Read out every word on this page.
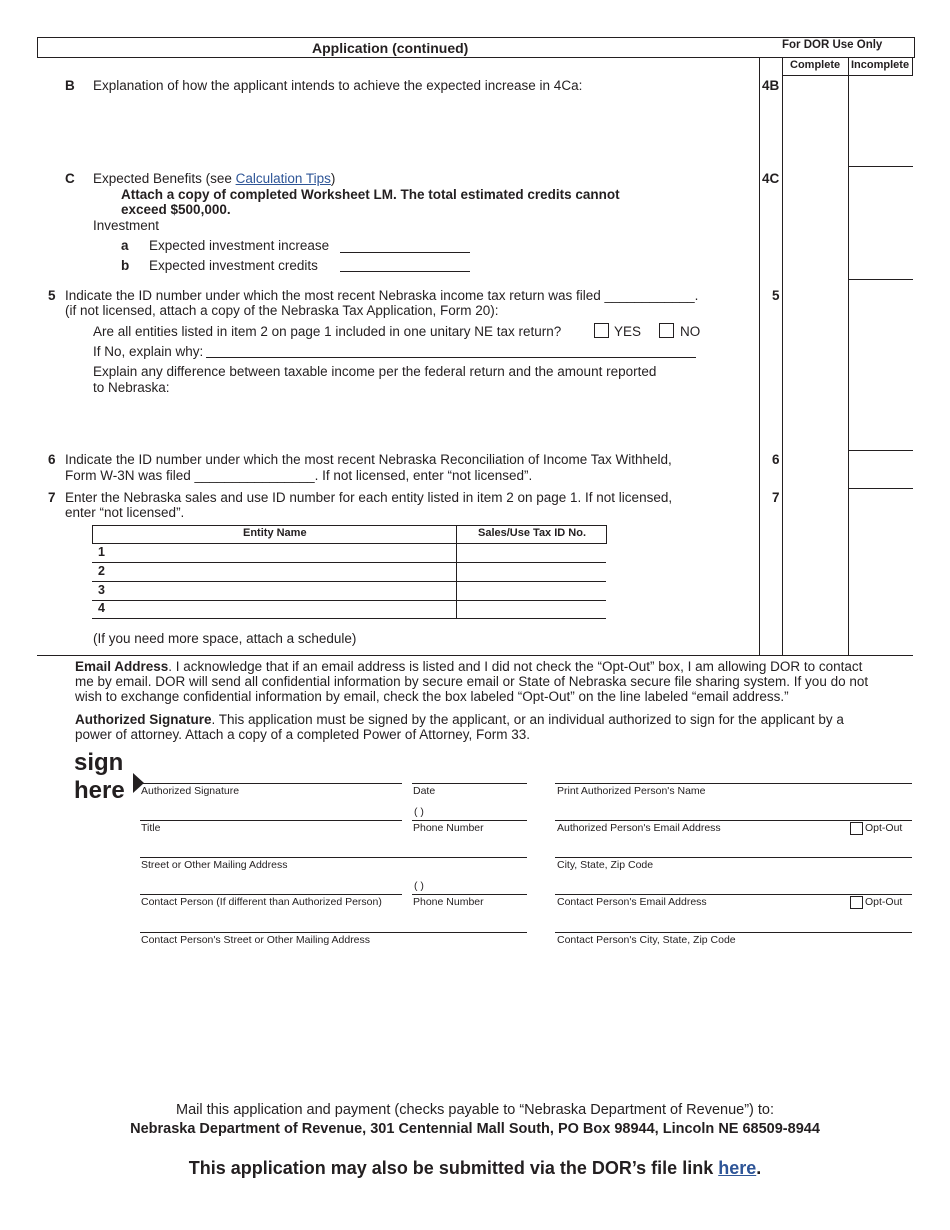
Application (continued)	For DOR Use Only
Complete Incomplete
4B
4C
5
6
7
B Explanation of how the applicant intends to achieve the expected increase in 4Ca:
C Expected Benefits (see Calculation Tips)
Attach a copy of completed Worksheet LM. The total estimated credits cannot
exceed $500,000.
Investment
a Expected investment increase
b Expected investment credits
5 Indicate the ID number under which the most recent Nebraska income tax return was filed ____________.
(if not licensed, attach a copy of the Nebraska Tax Application, Form 20):
Are all entities listed in item 2 on page 1 included in one unitary NE tax return?	YES	NO
If No, explain why:
Explain any difference between taxable income per the federal return and the amount reported
to Nebraska:
6 Indicate the ID number under which the most recent Nebraska Reconciliation of Income Tax Withheld,
Form W-3N was filed ________________. If not licensed, enter “not licensed”.
7 Enter the Nebraska sales and use ID number for each entity listed in item 2 on page 1. If not licensed,
enter “not licensed”.
Entity Name	Sales/Use Tax ID No.
1
2
3
4
(If you need more space, attach a schedule)
Email Address. I acknowledge that if an email address is listed and I did not check the “Opt-Out” box, I am allowing DOR to contact me by email. DOR will send all confidential information by secure email or State of Nebraska secure file sharing system. If you do not wish to exchange confidential information by email, check the box labeled “Opt-Out” on the line labeled “email address.”
Authorized Signature. This application must be signed by the applicant, or an individual authorized to sign for the applicant by a power of attorney. Attach a copy of a completed Power of Attorney, Form 33.
sign
here Authorized Signature	Date	Print Authorized Person's Name
( )
Title	Phone Number	Authorized Person's Email Address	Opt-Out
Street or Other Mailing Address	City, State, Zip Code
( )
Contact Person (If different than Authorized Person)	Phone Number	Contact Person's Email Address	Opt-Out
Contact Person's Street or Other Mailing Address	Contact Person's City, State, Zip Code
Mail this application and payment (checks payable to “Nebraska Department of Revenue”) to:
Nebraska Department of Revenue, 301 Centennial Mall South, PO Box 98944, Lincoln NE 68509-8944
This application may also be submitted via the DOR’s file link here.
